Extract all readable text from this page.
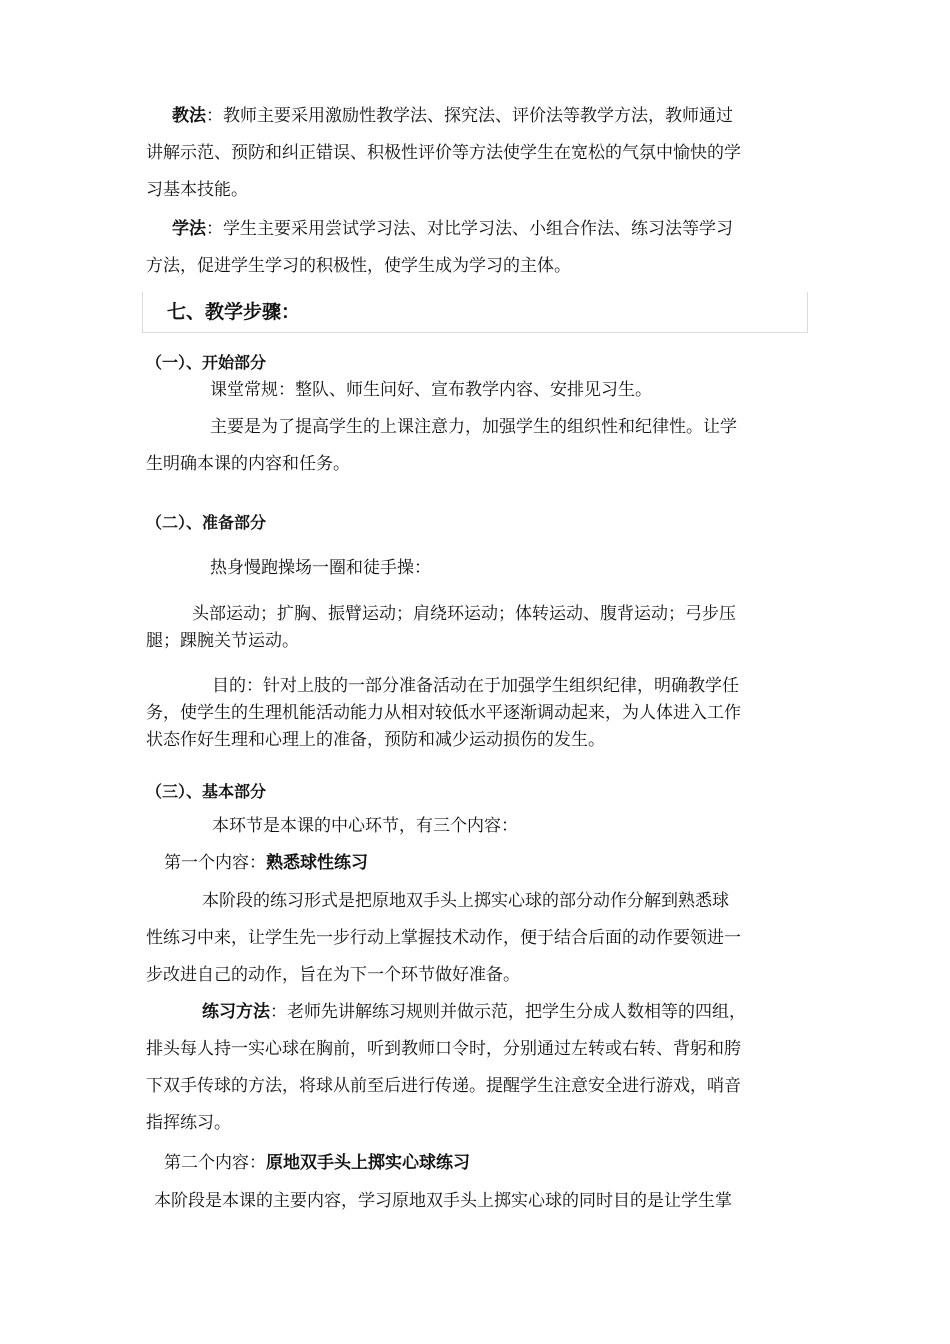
教法：教师主要采用激励性教学法、探究法、评价法等教学方法，教师通过
讲解示范、预防和纠正错误、积极性评价等方法使学生在宽松的气氛中愉快的学
习基本技能。
学法：学生主要采用尝试学习法、对比学习法、小组合作法、练习法等学习
方法，促进学生学习的积极性，使学生成为学习的主体。
七、教学步骤：
（一）、开始部分
课堂常规：整队、师生问好、宣布教学内容、安排见习生。
主要是为了提高学生的上课注意力，加强学生的组织性和纪律性。让学
生明确本课的内容和任务。
（二）、准备部分
热身慢跑操场一圈和徒手操：
头部运动；扩胸、振臂运动；肩绕环运动；体转运动、腹背运动；弓步压
腿；踝腕关节运动。
目的：针对上肢的一部分准备活动在于加强学生组织纪律，明确教学任
务，使学生的生理机能活动能力从相对较低水平逐渐调动起来，为人体进入工作
状态作好生理和心理上的准备，预防和减少运动损伤的发生。
（三）、基本部分
本环节是本课的中心环节，有三个内容：
第一个内容：熟悉球性练习
本阶段的练习形式是把原地双手头上掷实心球的部分动作分解到熟悉球
性练习中来，让学生先一步行动上掌握技术动作，便于结合后面的动作要领进一
步改进自己的动作，旨在为下一个环节做好准备。
练习方法：老师先讲解练习规则并做示范，把学生分成人数相等的四组，
排头每人持一实心球在胸前，听到教师口令时，分别通过左转或右转、背躬和胯
下双手传球的方法，将球从前至后进行传递。提醒学生注意安全进行游戏，哨音
指挥练习。
第二个内容：原地双手头上掷实心球练习
本阶段是本课的主要内容，学习原地双手头上掷实心球的同时目的是让学生掌
